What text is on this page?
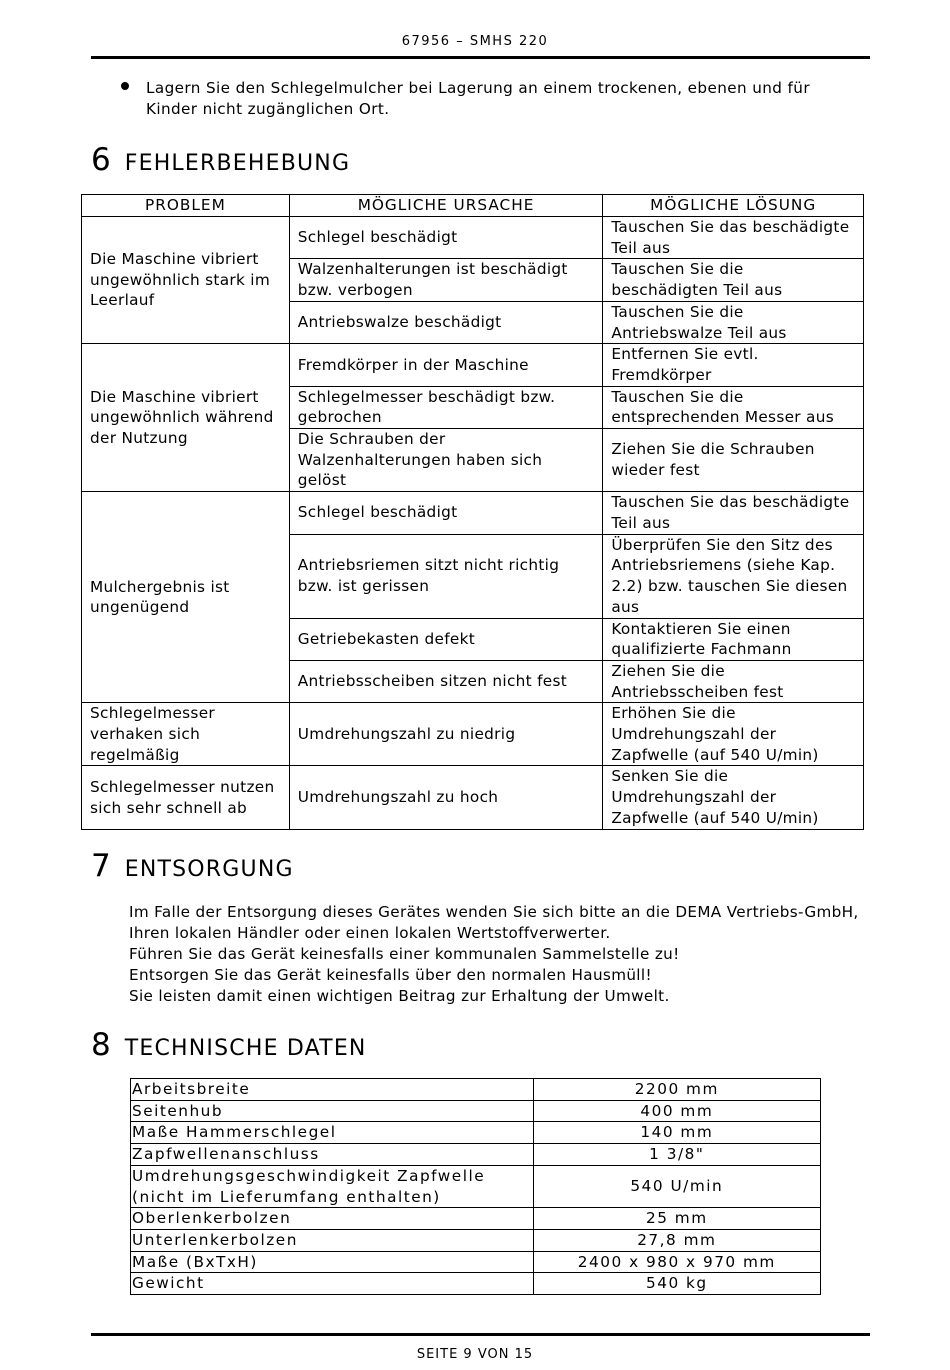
67956 – SMHS 220
Lagern Sie den Schlegelmulcher bei Lagerung an einem trockenen, ebenen und für Kinder nicht zugänglichen Ort.
6 FEHLERBEHEBUNG
PROBLEM	MÖGLICHE URSACHE	MÖGLICHE LÖSUNG
Die Maschine vibriert ungewöhnlich stark im Leerlauf	Schlegel beschädigt	Tauschen Sie das beschädigte Teil aus
	Walzenhalterungen ist beschädigt bzw. verbogen	Tauschen Sie die beschädigten Teil aus
	Antriebswalze beschädigt	Tauschen Sie die Antriebswalze Teil aus
Die Maschine vibriert ungewöhnlich während der Nutzung	Fremdkörper in der Maschine	Entfernen Sie evtl. Fremdkörper
	Schlegelmesser beschädigt bzw. gebrochen	Tauschen Sie die entsprechenden Messer aus
	Die Schrauben der Walzenhalterungen haben sich gelöst	Ziehen Sie die Schrauben wieder fest
Mulchergebnis ist ungenügend	Schlegel beschädigt	Tauschen Sie das beschädigte Teil aus
	Antriebsriemen sitzt nicht richtig bzw. ist gerissen	Überprüfen Sie den Sitz des Antriebsriemens (siehe Kap. 2.2) bzw. tauschen Sie diesen aus
	Getriebekasten defekt	Kontaktieren Sie einen qualifizierte Fachmann
	Antriebsscheiben sitzen nicht fest	Ziehen Sie die Antriebsscheiben fest
Schlegelmesser verhaken sich regelmäßig	Umdrehungszahl zu niedrig	Erhöhen Sie die Umdrehungszahl der Zapfwelle (auf 540 U/min)
Schlegelmesser nutzen sich sehr schnell ab	Umdrehungszahl zu hoch	Senken Sie die Umdrehungszahl der Zapfwelle (auf 540 U/min)
7 ENTSORGUNG
Im Falle der Entsorgung dieses Gerätes wenden Sie sich bitte an die DEMA Vertriebs-GmbH, Ihren lokalen Händler oder einen lokalen Wertstoffverwerter.
Führen Sie das Gerät keinesfalls einer kommunalen Sammelstelle zu!
Entsorgen Sie das Gerät keinesfalls über den normalen Hausmüll!
Sie leisten damit einen wichtigen Beitrag zur Erhaltung der Umwelt.
8 TECHNISCHE DATEN
Arbeitsbreite	2200 mm
Seitenhub	400 mm
Maße Hammerschlegel	140 mm
Zapfwellenanschluss	1 3/8"
Umdrehungsgeschwindigkeit Zapfwelle (nicht im Lieferumfang enthalten)	540 U/min
Oberlenkerbolzen	25 mm
Unterlenkerbolzen	27,8 mm
Maße (BxTxH)	2400 x 980 x 970 mm
Gewicht	540 kg
SEITE 9 VON 15
